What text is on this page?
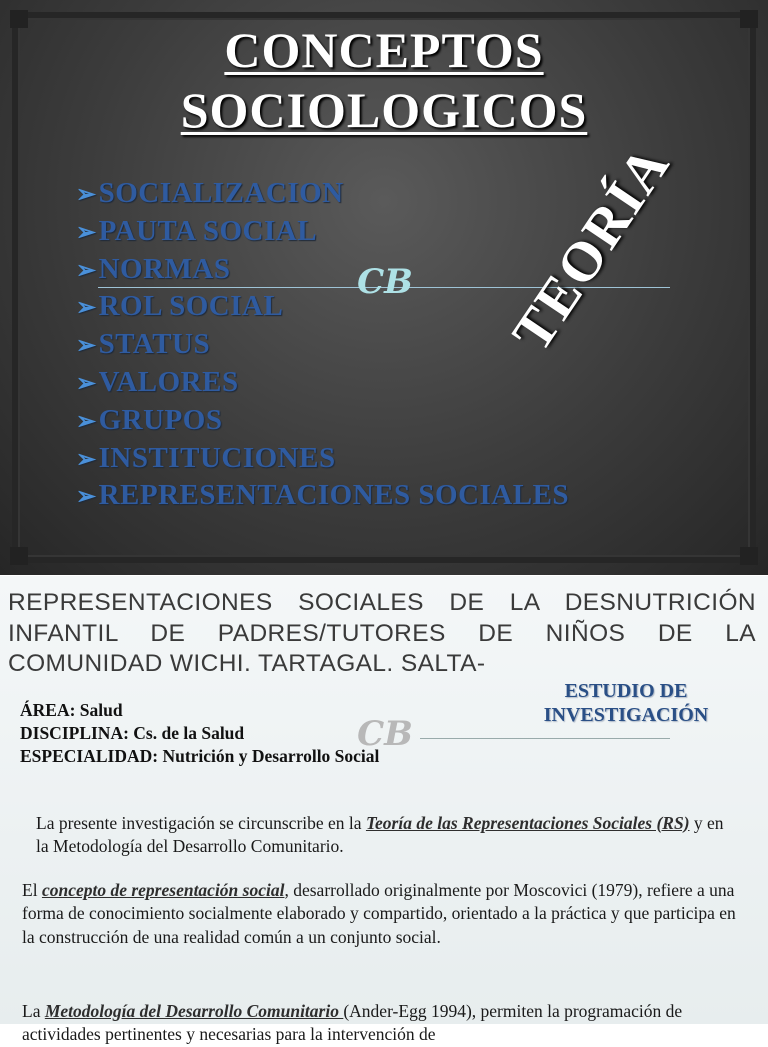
CONCEPTOS
SOCIOLOGICOS
➢SOCIALIZACION
➢PAUTA SOCIAL
➢NORMAS
➢ROL SOCIAL
➢STATUS
➢VALORES
➢GRUPOS
➢INSTITUCIONES
➢REPRESENTACIONES SOCIALES
CB TEORÍA
REPRESENTACIONES SOCIALES DE LA DESNUTRICIÓN
INFANTIL DE PADRES/TUTORES DE NIÑOS DE LA
COMUNIDAD WICHI. TARTAGAL. SALTA-
ESTUDIO DE
INVESTIGACIÓN
CB
ÁREA: Salud
DISCIPLINA: Cs. de la Salud
ESPECIALIDAD: Nutrición y Desarrollo Social

La presente investigación se circunscribe en la Teoría de las Representaciones Sociales (RS) y en la Metodología del Desarrollo Comunitario.

El concepto de representación social, desarrollado originalmente por Moscovici (1979), refiere a una forma de conocimiento socialmente elaborado y compartido, orientado a la práctica y que participa en la construcción de una realidad común a un conjunto social.

La Metodología del Desarrollo Comunitario (Ander-Egg 1994), permiten la programación de actividades pertinentes y necesarias para la intervención de
